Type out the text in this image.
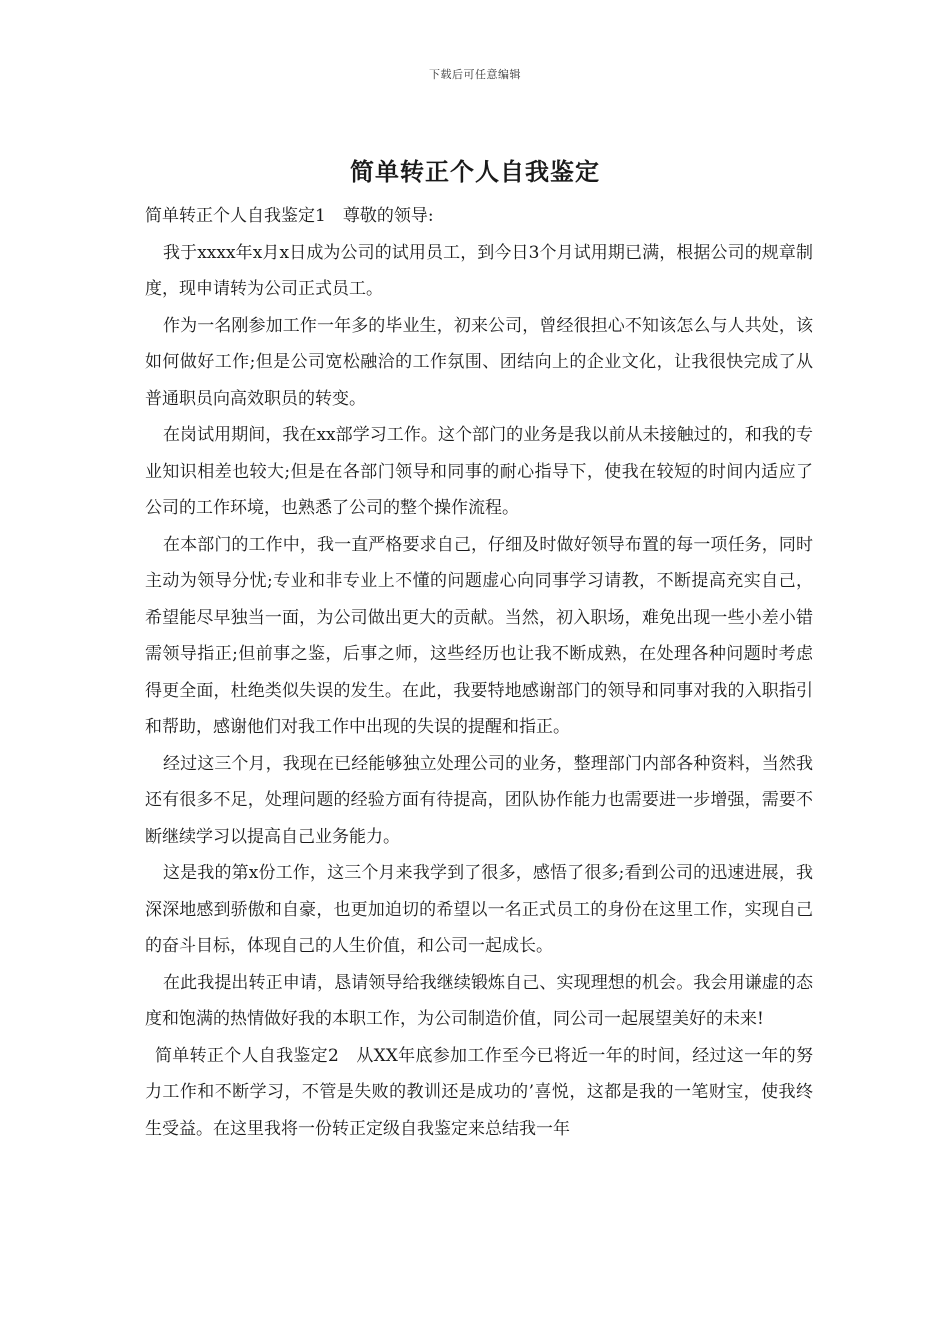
下载后可任意编辑
简单转正个人自我鉴定

简单转正个人自我鉴定1　尊敬的领导:

我于xxxx年x月x日成为公司的试用员工，到今日3个月试用期已满，根据公司的规章制度，现申请转为公司正式员工。

作为一名刚参加工作一年多的毕业生，初来公司，曾经很担心不知该怎么与人共处，该如何做好工作;但是公司宽松融洽的工作氛围、团结向上的企业文化，让我很快完成了从普通职员向高效职员的转变。

在岗试用期间，我在xx部学习工作。这个部门的业务是我以前从未接触过的，和我的专业知识相差也较大;但是在各部门领导和同事的耐心指导下，使我在较短的时间内适应了公司的工作环境，也熟悉了公司的整个操作流程。

在本部门的工作中，我一直严格要求自己，仔细及时做好领导布置的每一项任务，同时主动为领导分忧;专业和非专业上不懂的问题虚心向同事学习请教，不断提高充实自己，希望能尽早独当一面，为公司做出更大的贡献。当然，初入职场，难免出现一些小差小错需领导指正;但前事之鉴，后事之师，这些经历也让我不断成熟，在处理各种问题时考虑得更全面，杜绝类似失误的发生。在此，我要特地感谢部门的领导和同事对我的入职指引和帮助，感谢他们对我工作中出现的失误的提醒和指正。

经过这三个月，我现在已经能够独立处理公司的业务，整理部门内部各种资料，当然我还有很多不足，处理问题的经验方面有待提高，团队协作能力也需要进一步增强，需要不断继续学习以提高自己业务能力。

这是我的第x份工作，这三个月来我学到了很多，感悟了很多;看到公司的迅速进展，我深深地感到骄傲和自豪，也更加迫切的希望以一名正式员工的身份在这里工作，实现自己的奋斗目标，体现自己的人生价值，和公司一起成长。

在此我提出转正申请，恳请领导给我继续锻炼自己、实现理想的机会。我会用谦虚的态度和饱满的热情做好我的本职工作，为公司制造价值，同公司一起展望美好的未来!

简单转正个人自我鉴定2　从XX年底参加工作至今已将近一年的时间，经过这一年的努力工作和不断学习，不管是失败的教训还是成功的’喜悦，这都是我的一笔财宝，使我终生受益。在这里我将一份转正定级自我鉴定来总结我一年
